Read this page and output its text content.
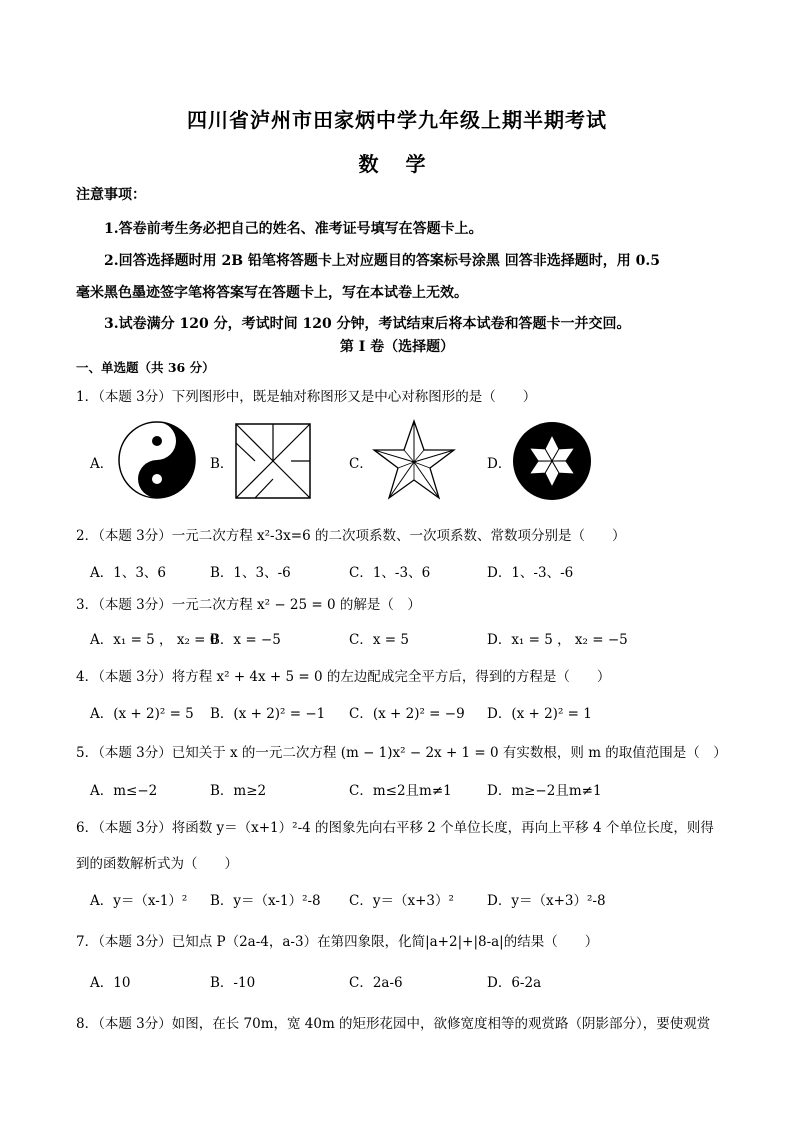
四川省泸州市田家炳中学九年级上期半期考试
数 学
注意事项：
1.答卷前考生务必把自己的姓名、准考证号填写在答题卡上。
2.回答选择题时用 2B 铅笔将答题卡上对应题目的答案标号涂黑 回答非选择题时，用 0.5
毫米黑色墨迹签字笔将答案写在答题卡上，写在本试卷上无效。
3.试卷满分 120 分，考试时间 120 分钟，考试结束后将本试卷和答题卡一并交回。
第 I 卷（选择题）
一、单选题（共 36 分）
1．（本题 3分）下列图形中，既是轴对称图形又是中心对称图形的是（　　）
A．	B．	C．	D．
2．（本题 3分）一元二次方程 x²-3x=6 的二次项系数、一次项系数、常数项分别是（　　）
A．1、3、6	B．1、3、-6	C．1、-3、6	D．1、-3、-6
3．（本题 3分）一元二次方程 x² − 25 = 0 的解是（　）
A．x₁ = 5 ， x₂ = 0
B．x = −5	C．x = 5	D．x₁ = 5 ， x₂ = −5
4．（本题 3分）将方程 x² + 4x + 5 = 0 的左边配成完全平方后，得到的方程是（　　）
A．(x + 2)² = 5 B．(x + 2)² = −1 C．(x + 2)² = −9 D．(x + 2)² = 1
5．（本题 3分）已知关于 x 的一元二次方程 (m − 1)x² − 2x + 1 = 0 有实数根，则 m 的取值范围是（　）
A．m≤−2	B．m≥2	C．m≤2且m≠1	D．m≥−2且m≠1
6．（本题 3分）将函数 y＝（x+1）²-4 的图象先向右平移 2 个单位长度，再向上平移 4 个单位长度，则得
到的函数解析式为（　　）
A．y＝（x-1）² B．y＝（x-1）²-8 C．y＝（x+3）² D．y＝（x+3）²-8
7．（本题 3分）已知点 P（2a-4，a-3）在第四象限，化简|a+2|+|8-a|的结果（　　）
A．10	B．-10	C．2a-6	D．6-2a
8．（本题 3分）如图，在长 70m，宽 40m 的矩形花园中，欲修宽度相等的观赏路（阴影部分），要使观赏
